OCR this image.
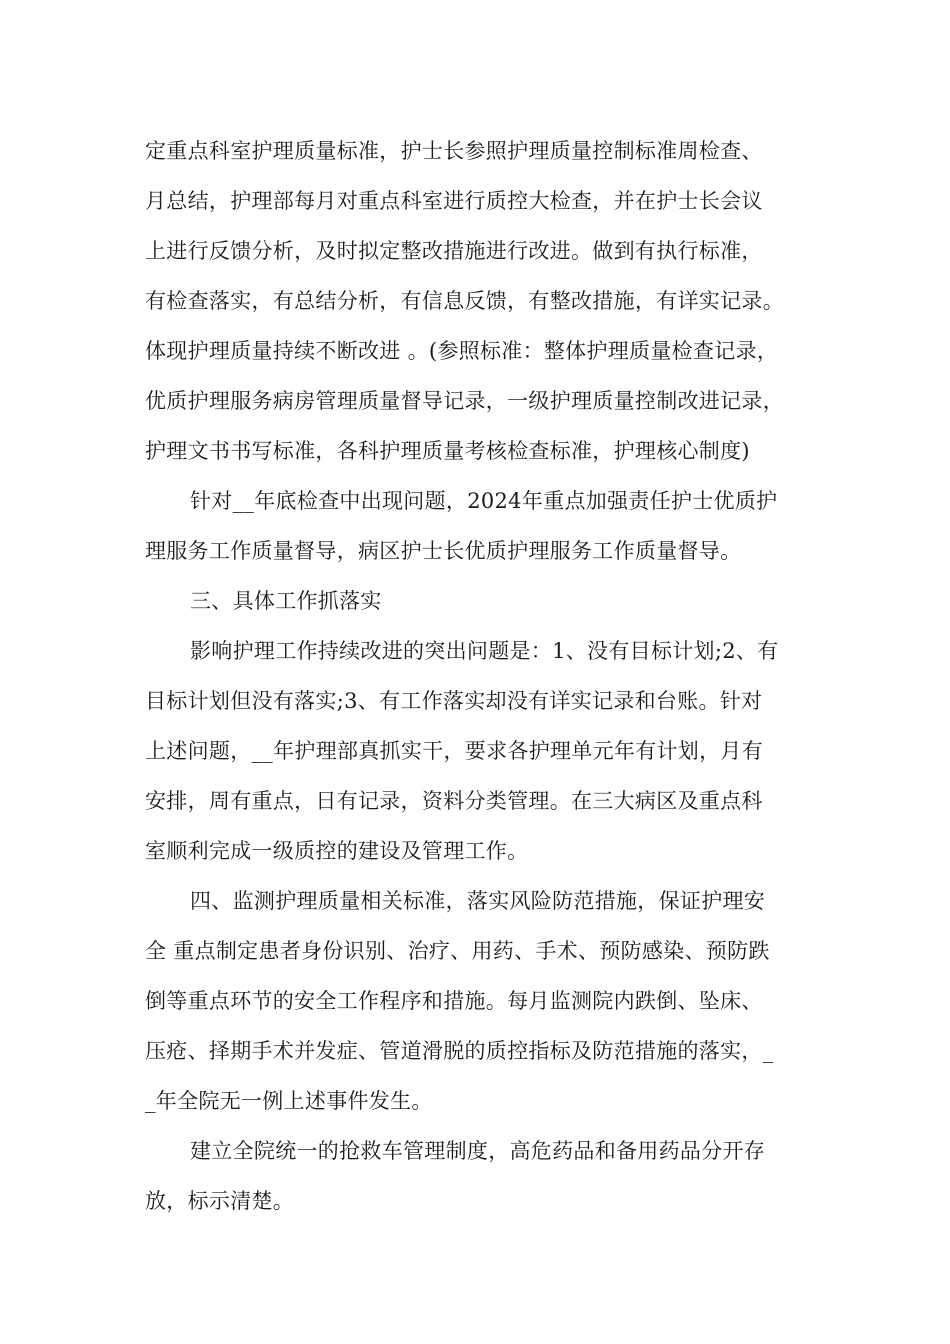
定重点科室护理质量标准，护士长参照护理质量控制标准周检查、
月总结，护理部每月对重点科室进行质控大检查，并在护士长会议
上进行反馈分析，及时拟定整改措施进行改进。做到有执行标准，
有检查落实，有总结分析，有信息反馈，有整改措施，有详实记录。
体现护理质量持续不断改进 。(参照标准：整体护理质量检查记录，
优质护理服务病房管理质量督导记录，一级护理质量控制改进记录，
护理文书书写标准，各科护理质量考核检查标准，护理核心制度)
针对__年底检查中出现问题，2024年重点加强责任护士优质护
理服务工作质量督导，病区护士长优质护理服务工作质量督导。
三、具体工作抓落实
影响护理工作持续改进的突出问题是：1、没有目标计划;2、有
目标计划但没有落实;3、有工作落实却没有详实记录和台账。针对
上述问题，__年护理部真抓实干，要求各护理单元年有计划，月有
安排，周有重点，日有记录，资料分类管理。在三大病区及重点科
室顺利完成一级质控的建设及管理工作。
四、监测护理质量相关标准，落实风险防范措施，保证护理安
全 重点制定患者身份识别、治疗、用药、手术、预防感染、预防跌
倒等重点环节的安全工作程序和措施。每月监测院内跌倒、坠床、
压疮、择期手术并发症、管道滑脱的质控指标及防范措施的落实，_
_年全院无一例上述事件发生。
建立全院统一的抢救车管理制度，高危药品和备用药品分开存
放，标示清楚。
